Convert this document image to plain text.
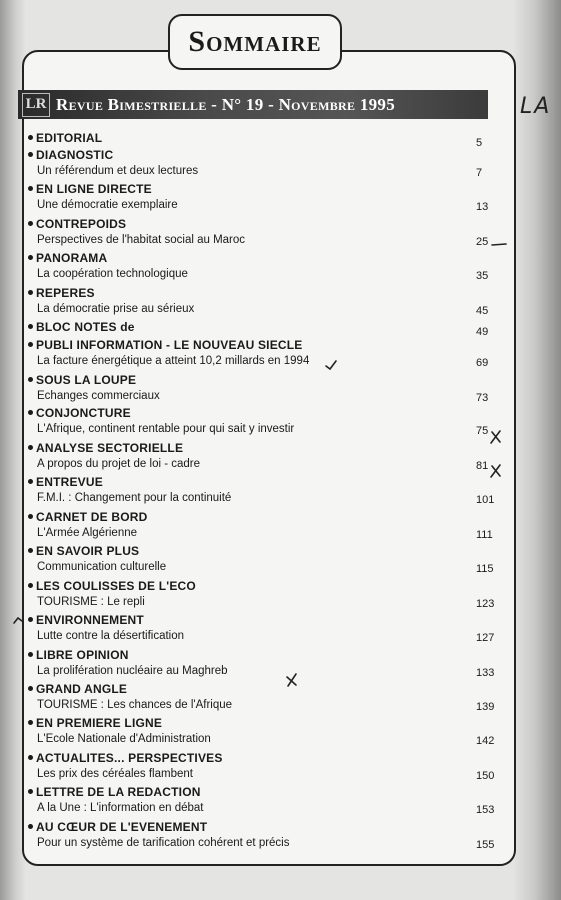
Sommaire
LR Revue Bimestrielle - N° 19 - Novembre 1995	LA
EDITORIAL	5
DIAGNOSTIC
Un référendum et deux lectures	7
EN LIGNE DIRECTE
Une démocratie exemplaire	13
CONTREPOIDS
Perspectives de l'habitat social au Maroc	25
PANORAMA
La coopération technologique	35
REPERES
La démocratie prise au sérieux	45
BLOC NOTES de	49
PUBLI INFORMATION - LE NOUVEAU SIECLE
La facture énergétique a atteint 10,2 millards en 1994	69
SOUS LA LOUPE
Echanges commerciaux	73
CONJONCTURE
L'Afrique, continent rentable pour qui sait y investir	75
ANALYSE SECTORIELLE
A propos du projet de loi - cadre	81
ENTREVUE
F.M.I. : Changement pour la continuité	101
CARNET DE BORD
L'Armée Algérienne	111
EN SAVOIR PLUS
Communication culturelle	115
LES COULISSES DE L'ECO
TOURISME : Le repli	123
ENVIRONNEMENT
Lutte contre la désertification	127
LIBRE OPINION
La prolifération nucléaire au Maghreb	133
GRAND ANGLE
TOURISME : Les chances de l'Afrique	139
EN PREMIERE LIGNE
L'Ecole Nationale d'Administration	142
ACTUALITES... PERSPECTIVES
Les prix des céréales flambent	150
LETTRE DE LA REDACTION
A la Une : L'information en débat	153
AU CŒUR DE L'EVENEMENT
Pour un système de tarification cohérent et précis	155
